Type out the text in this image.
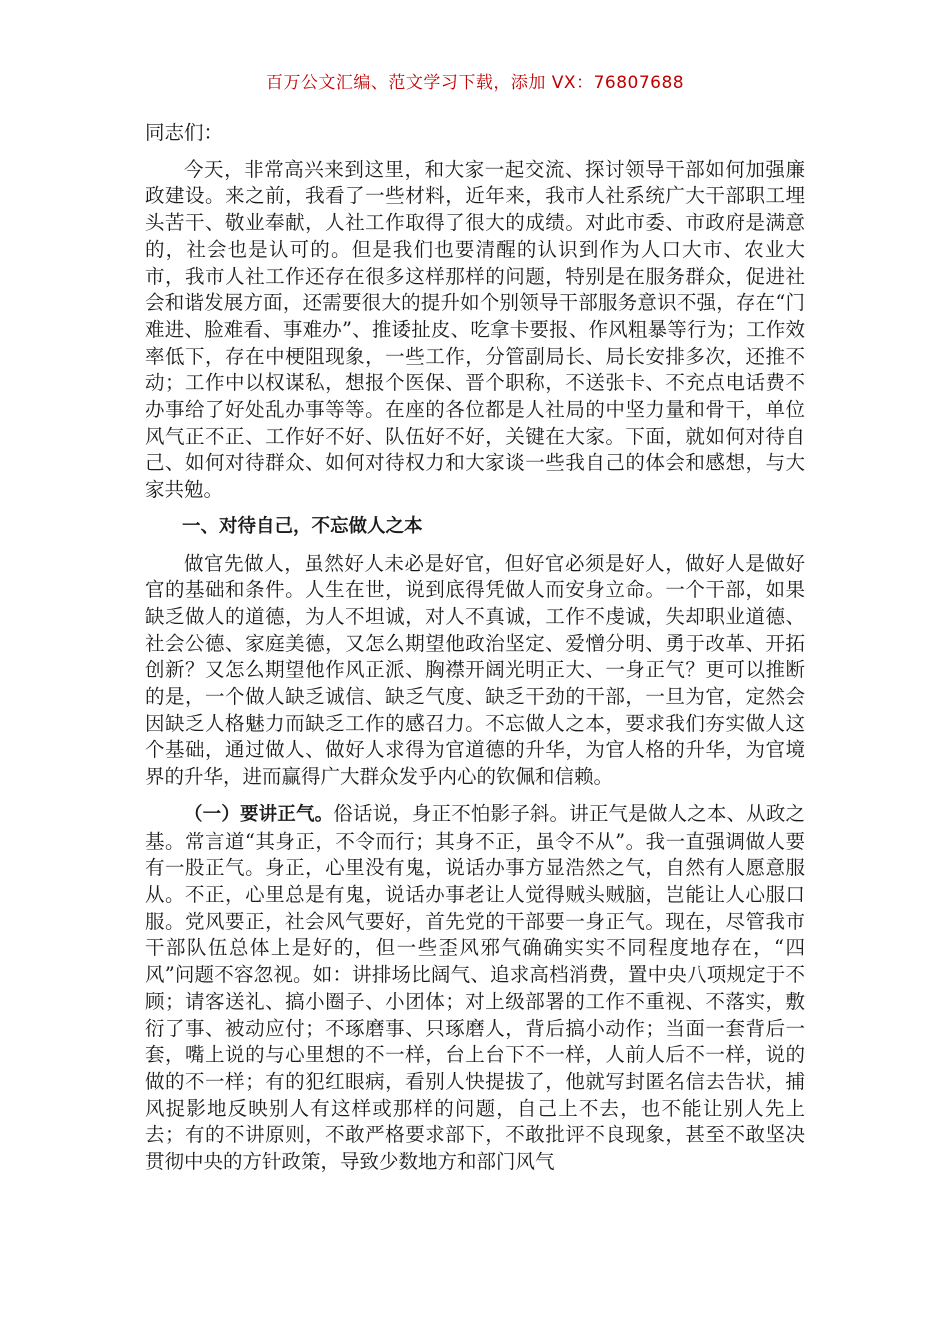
百万公文汇编、范文学习下载，添加 VX：76807688

同志们：

今天，非常高兴来到这里，和大家一起交流、探讨领导干部如何加强廉政建设。来之前，我看了一些材料，近年来，我市人社系统广大干部职工埋头苦干、敬业奉献，人社工作取得了很大的成绩。对此市委、市政府是满意的，社会也是认可的。但是我们也要清醒的认识到作为人口大市、农业大市，我市人社工作还存在很多这样那样的问题，特别是在服务群众，促进社会和谐发展方面，还需要很大的提升如个别领导干部服务意识不强，存在“门难进、脸难看、事难办”、推诿扯皮、吃拿卡要报、作风粗暴等行为；工作效率低下，存在中梗阻现象，一些工作，分管副局长、局长安排多次，还推不动；工作中以权谋私，想报个医保、晋个职称，不送张卡、不充点电话费不办事给了好处乱办事等等。在座的各位都是人社局的中坚力量和骨干，单位风气正不正、工作好不好、队伍好不好，关键在大家。下面，就如何对待自己、如何对待群众、如何对待权力和大家谈一些我自己的体会和感想，与大家共勉。

一、对待自己，不忘做人之本

做官先做人，虽然好人未必是好官，但好官必须是好人，做好人是做好官的基础和条件。人生在世，说到底得凭做人而安身立命。一个干部，如果缺乏做人的道德，为人不坦诚，对人不真诚，工作不虔诚，失却职业道德、社会公德、家庭美德，又怎么期望他政治坚定、爱憎分明、勇于改革、开拓创新？又怎么期望他作风正派、胸襟开阔光明正大、一身正气？更可以推断的是，一个做人缺乏诚信、缺乏气度、缺乏干劲的干部，一旦为官，定然会因缺乏人格魅力而缺乏工作的感召力。不忘做人之本，要求我们夯实做人这个基础，通过做人、做好人求得为官道德的升华，为官人格的升华，为官境界的升华，进而赢得广大群众发乎内心的钦佩和信赖。

（一）要讲正气。俗话说，身正不怕影子斜。讲正气是做人之本、从政之基。常言道“其身正，不令而行；其身不正，虽令不从”。我一直强调做人要有一股正气。身正，心里没有鬼，说话办事方显浩然之气，自然有人愿意服从。不正，心里总是有鬼，说话办事老让人觉得贼头贼脑，岂能让人心服口服。党风要正，社会风气要好，首先党的干部要一身正气。现在，尽管我市干部队伍总体上是好的，但一些歪风邪气确确实实不同程度地存在，“四风”问题不容忽视。如：讲排场比阔气、追求高档消费，置中央八项规定于不顾；请客送礼、搞小圈子、小团体；对上级部署的工作不重视、不落实，敷衍了事、被动应付；不琢磨事、只琢磨人，背后搞小动作；当面一套背后一套，嘴上说的与心里想的不一样，台上台下不一样，人前人后不一样，说的做的不一样；有的犯红眼病，看别人快提拔了，他就写封匿名信去告状，捕风捉影地反映别人有这样或那样的问题，自己上不去，也不能让别人先上去；有的不讲原则，不敢严格要求部下，不敢批评不良现象，甚至不敢坚决贯彻中央的方针政策，导致少数地方和部门风气
